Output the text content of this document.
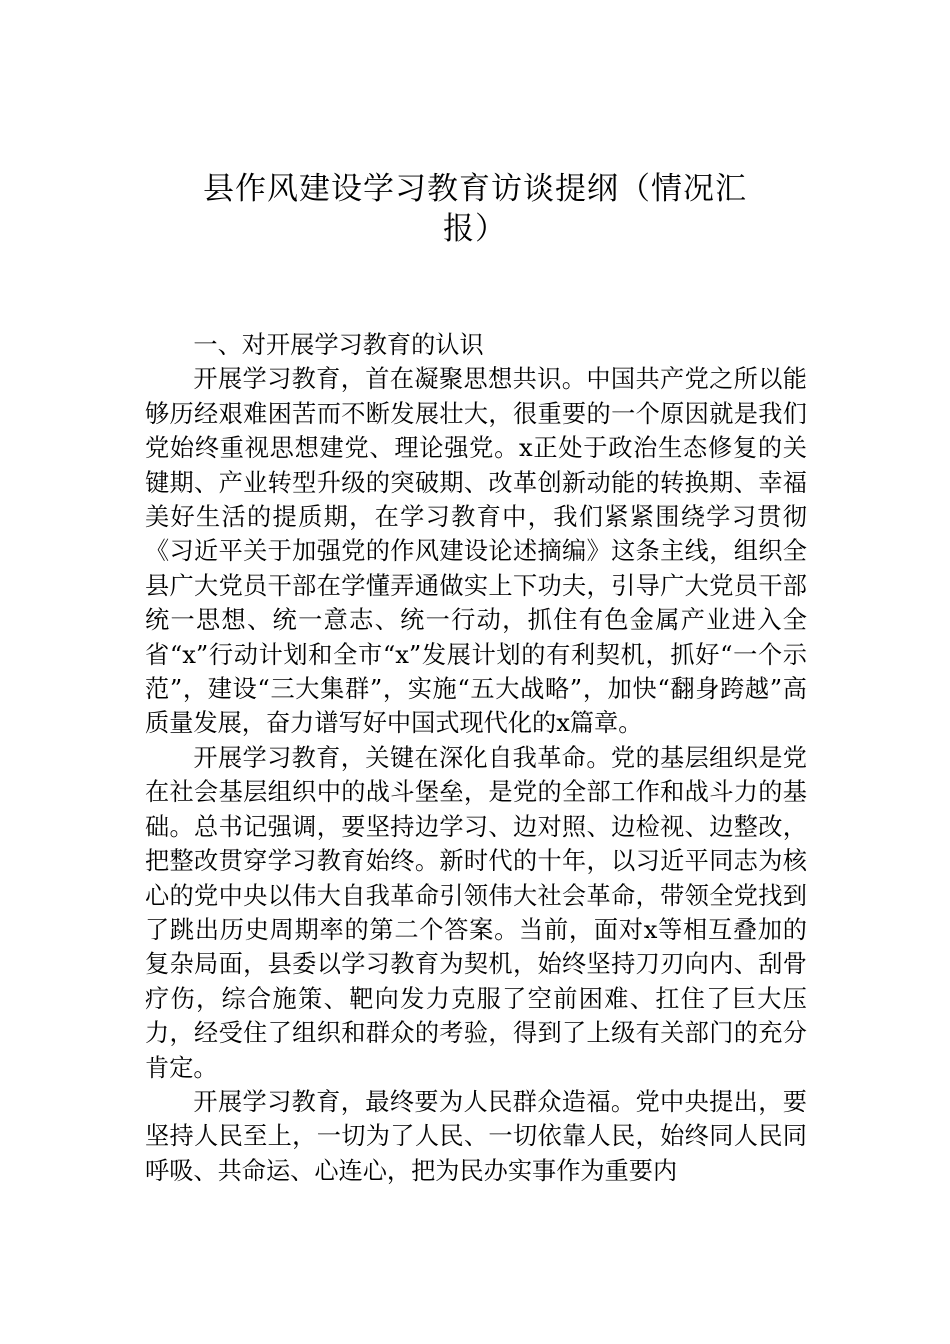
县作风建设学习教育访谈提纲（情况汇
报）

一、对开展学习教育的认识

开展学习教育，首在凝聚思想共识。中国共产党之所以能够历经艰难困苦而不断发展壮大，很重要的一个原因就是我们党始终重视思想建党、理论强党。x正处于政治生态修复的关键期、产业转型升级的突破期、改革创新动能的转换期、幸福美好生活的提质期，在学习教育中，我们紧紧围绕学习贯彻《习近平关于加强党的作风建设论述摘编》这条主线，组织全县广大党员干部在学懂弄通做实上下功夫，引导广大党员干部统一思想、统一意志、统一行动，抓住有色金属产业进入全省“x”行动计划和全市“x”发展计划的有利契机，抓好“一个示范”，建设“三大集群”，实施“五大战略”，加快“翻身跨越”高质量发展，奋力谱写好中国式现代化的x篇章。

开展学习教育，关键在深化自我革命。党的基层组织是党在社会基层组织中的战斗堡垒，是党的全部工作和战斗力的基础。总书记强调，要坚持边学习、边对照、边检视、边整改，把整改贯穿学习教育始终。新时代的十年，以习近平同志为核心的党中央以伟大自我革命引领伟大社会革命，带领全党找到了跳出历史周期率的第二个答案。当前，面对x等相互叠加的复杂局面，县委以学习教育为契机，始终坚持刀刃向内、刮骨疗伤，综合施策、靶向发力克服了空前困难、扛住了巨大压力，经受住了组织和群众的考验，得到了上级有关部门的充分肯定。

开展学习教育，最终要为人民群众造福。党中央提出，要坚持人民至上，一切为了人民、一切依靠人民，始终同人民同呼吸、共命运、心连心，把为民办实事作为重要内
